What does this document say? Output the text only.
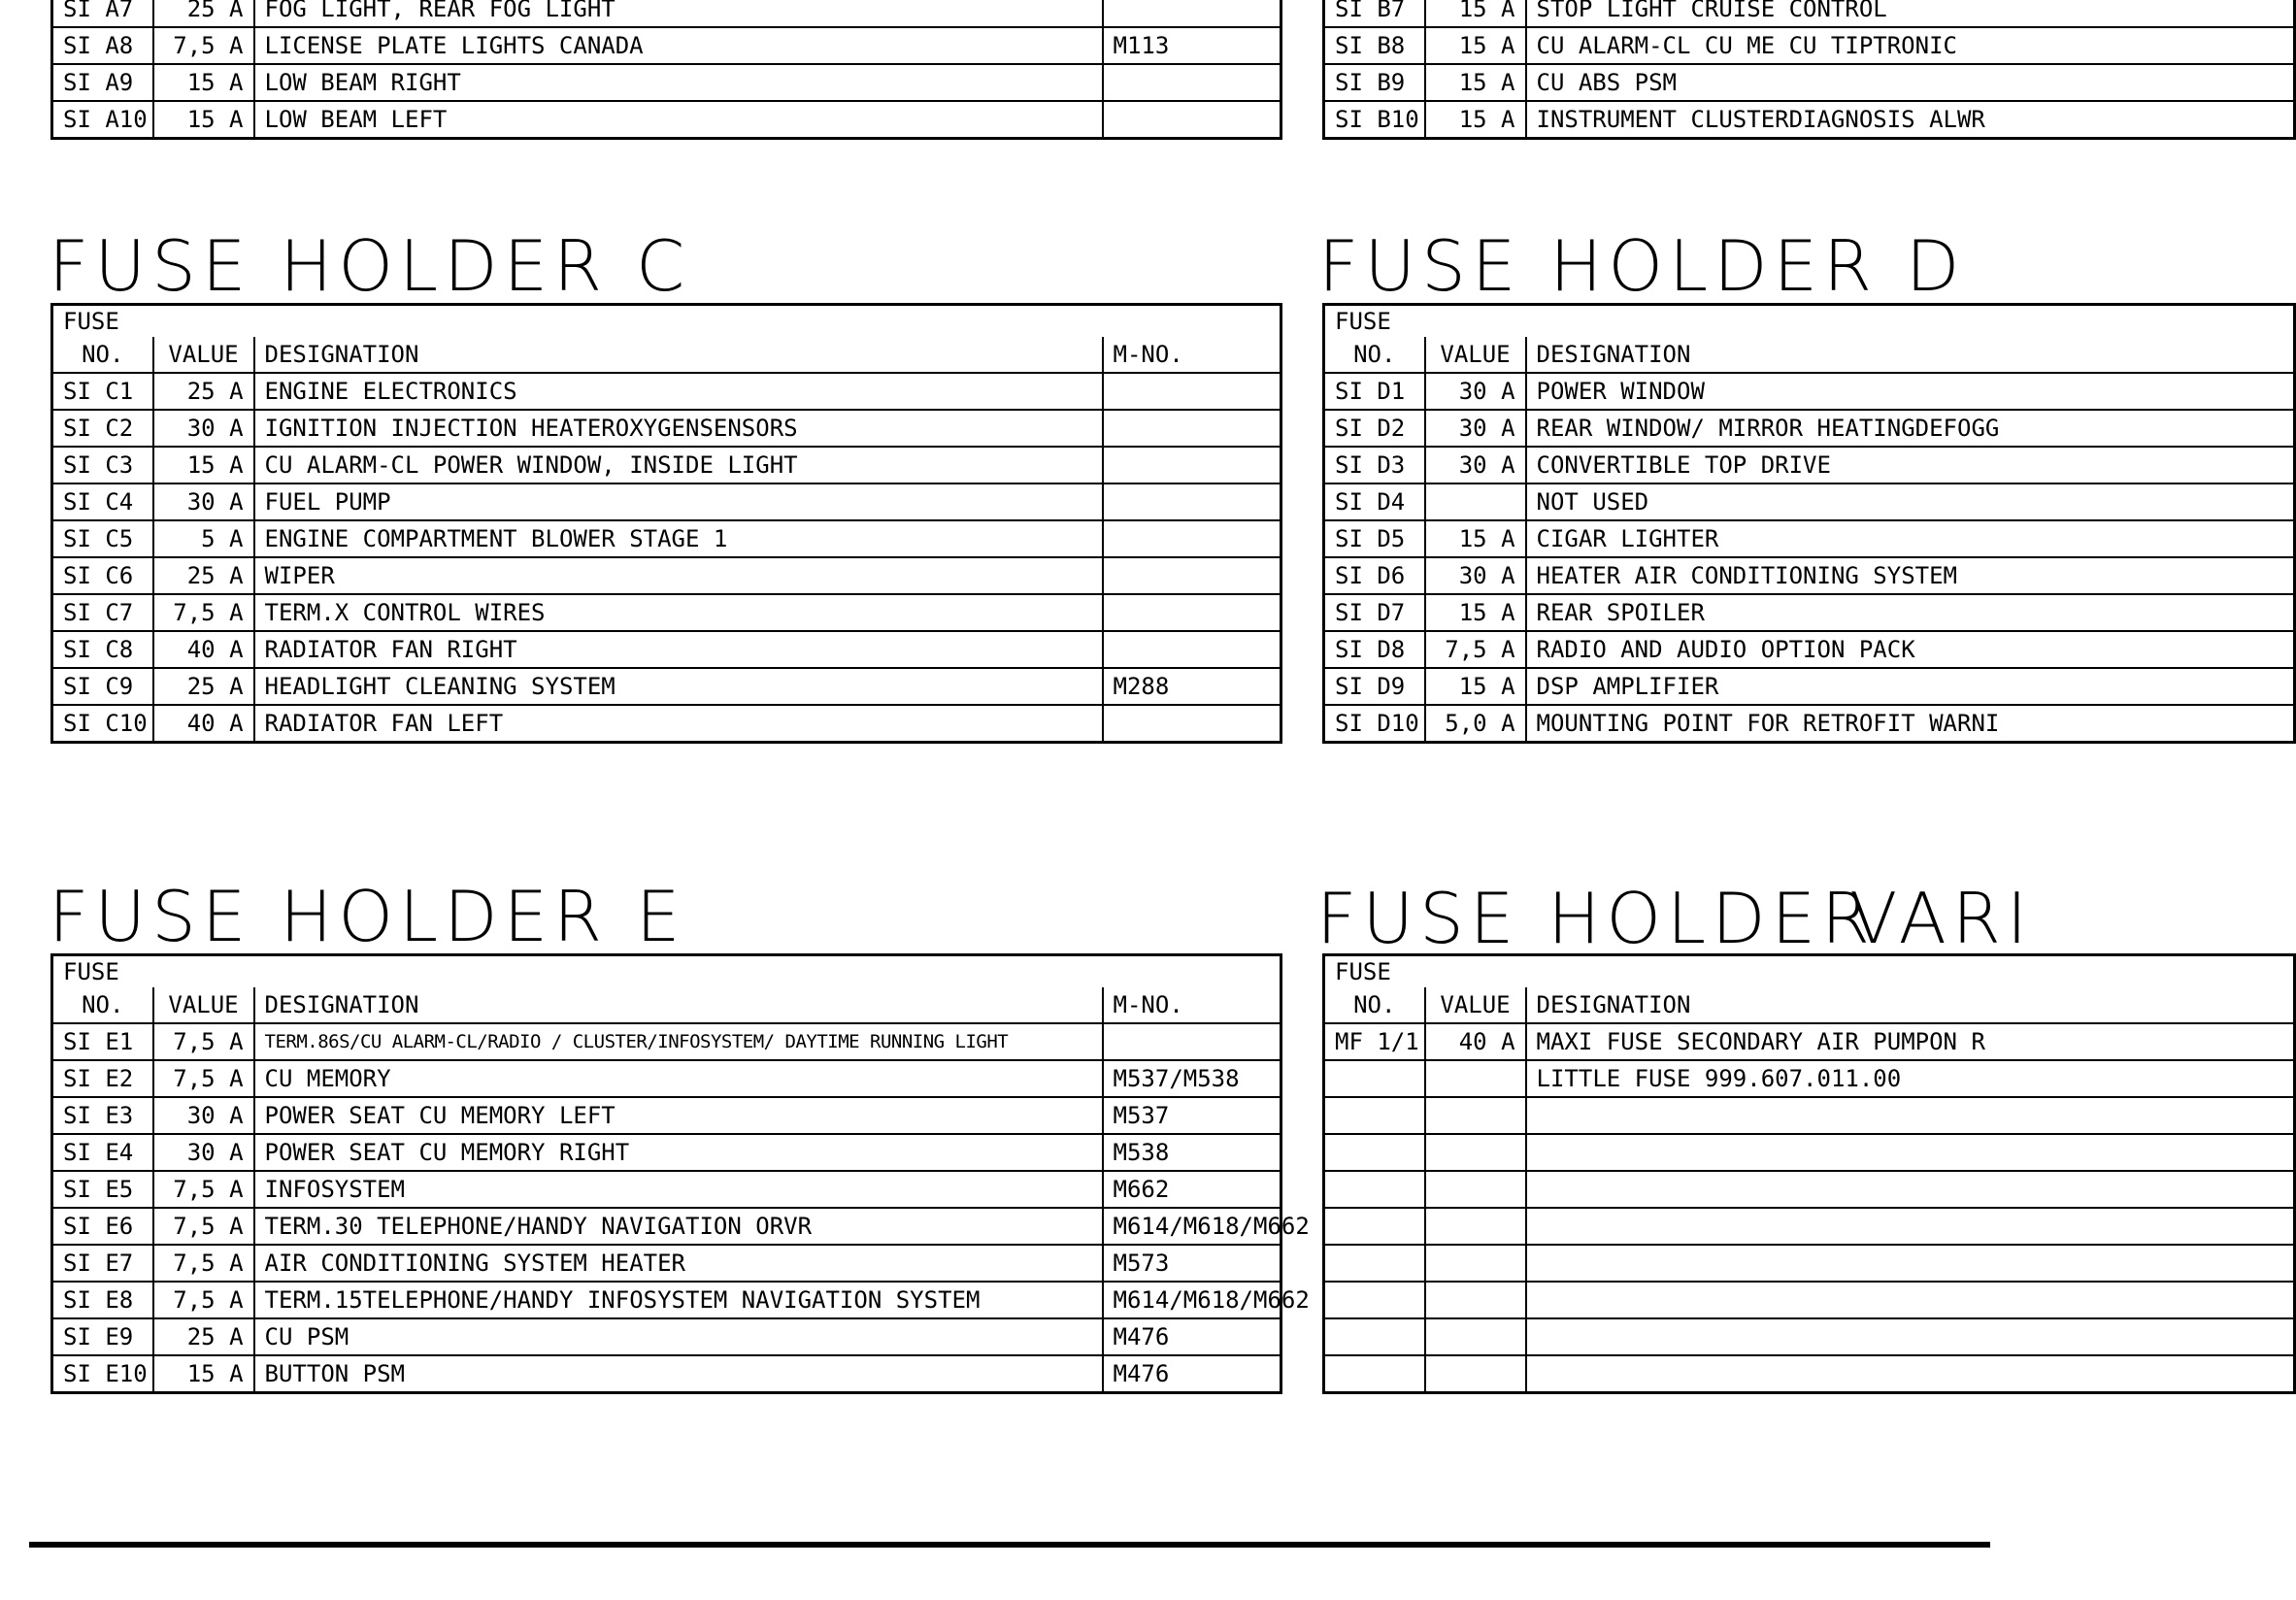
SI A7	25 A	FOG LIGHT, REAR FOG LIGHT	
SI A8	7,5 A	LICENSE PLATE LIGHTS CANADA	M113
SI A9	15 A	LOW BEAM RIGHT	
SI A10	15 A	LOW BEAM LEFT	
SI B7	15 A	STOP LIGHT CRUISE CONTROL
SI B8	15 A	CU ALARM-CL CU ME CU TIPTRONIC
SI B9	15 A	CU ABS PSM
SI B10	15 A	INSTRUMENT CLUSTERDIAGNOSIS ALWR
FUSE HOLDER C
FUSE			
NO.	VALUE	DESIGNATION	M-NO.
SI C1	25 A	ENGINE ELECTRONICS	
SI C2	30 A	IGNITION INJECTION HEATEROXYGENSENSORS	
SI C3	15 A	CU ALARM-CL POWER WINDOW, INSIDE LIGHT	
SI C4	30 A	FUEL PUMP	
SI C5	5 A	ENGINE COMPARTMENT BLOWER STAGE 1	
SI C6	25 A	WIPER	
SI C7	7,5 A	TERM.X CONTROL WIRES	
SI C8	40 A	RADIATOR FAN RIGHT	
SI C9	25 A	HEADLIGHT CLEANING SYSTEM	M288
SI C10	40 A	RADIATOR FAN LEFT	
FUSE HOLDER D
FUSE		
NO.	VALUE	DESIGNATION
SI D1	30 A	POWER WINDOW
SI D2	30 A	REAR WINDOW/ MIRROR HEATINGDEFOGG
SI D3	30 A	CONVERTIBLE TOP DRIVE
SI D4		NOT USED
SI D5	15 A	CIGAR LIGHTER
SI D6	30 A	HEATER AIR CONDITIONING SYSTEM
SI D7	15 A	REAR SPOILER
SI D8	7,5 A	RADIO AND AUDIO OPTION PACK
SI D9	15 A	DSP AMPLIFIER
SI D10	5,0 A	MOUNTING POINT FOR RETROFIT WARNI
FUSE HOLDER E
FUSE			
NO.	VALUE	DESIGNATION	M-NO.
SI E1	7,5 A	TERM.86S/CU ALARM-CL/RADIO / CLUSTER/INFOSYSTEM/ DAYTIME RUNNING LIGHT	
SI E2	7,5 A	CU MEMORY	M537/M538
SI E3	30 A	POWER SEAT CU MEMORY LEFT	M537
SI E4	30 A	POWER SEAT CU MEMORY RIGHT	M538
SI E5	7,5 A	INFOSYSTEM	M662
SI E6	7,5 A	TERM.30 TELEPHONE/HANDY NAVIGATION ORVR	M614/M618/M662
SI E7	7,5 A	AIR CONDITIONING SYSTEM HEATER	M573
SI E8	7,5 A	TERM.15TELEPHONE/HANDY INFOSYSTEM NAVIGATION SYSTEM	M614/M618/M662
SI E9	25 A	CU PSM	M476
SI E10	15 A	BUTTON PSM	M476
FUSE HOLDER
VARI
FUSE		
NO.	VALUE	DESIGNATION
MF 1/1	40 A	MAXI FUSE SECONDARY AIR PUMPON R
		LITTLE FUSE 999.607.011.00
